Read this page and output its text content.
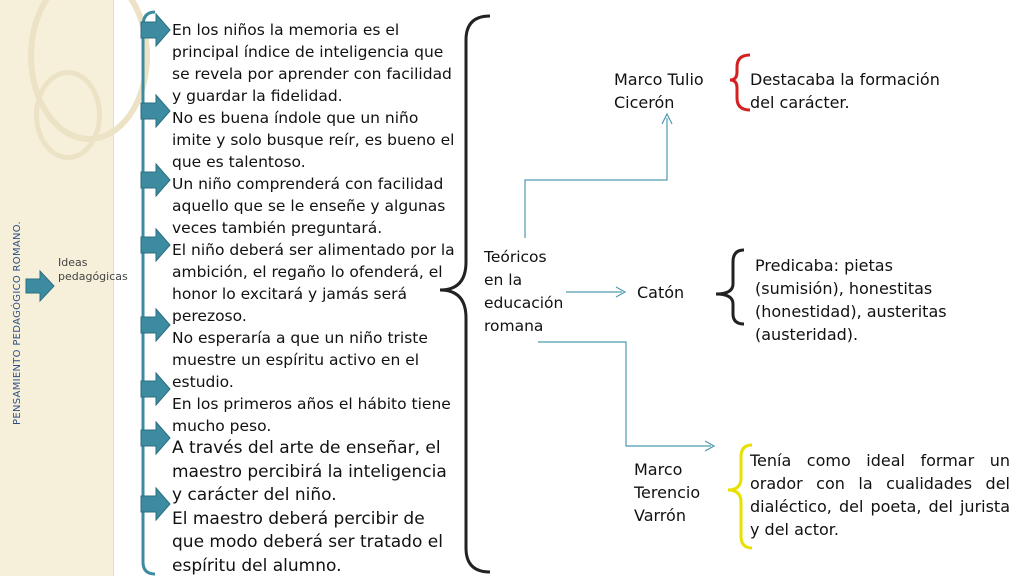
PENSAMIENTO PEDAGÓGICO ROMANO.	Ideas pedagógicas

En los niños la memoria es el principal índice de inteligencia que se revela por aprender con facilidad y guardar la fidelidad.

No es buena índole que un niño imite y solo busque reír, es bueno el que es talentoso.

Un niño comprenderá con facilidad aquello que se le enseñe y algunas veces también preguntará.

El niño deberá ser alimentado por la ambición, el regaño lo ofenderá, el honor lo excitará y jamás será perezoso.

No esperaría a que un niño triste muestre un espíritu activo en el estudio.

En los primeros años el hábito tiene mucho peso.

A través del arte de enseñar, el maestro percibirá la inteligencia y carácter del niño.

El maestro deberá percibir de que modo deberá ser tratado el espíritu del alumno.

Teóricos en la educación romana
Marco Tulio Cicerón
Destacaba la formación del carácter.
Catón
Predicaba: pietas (sumisión), honestitas (honestidad), austeritas (austeridad).
Marco Terencio Varrón
Tenía como ideal formar un orador con la cualidades del dialéctico, del poeta, del jurista y del actor.
